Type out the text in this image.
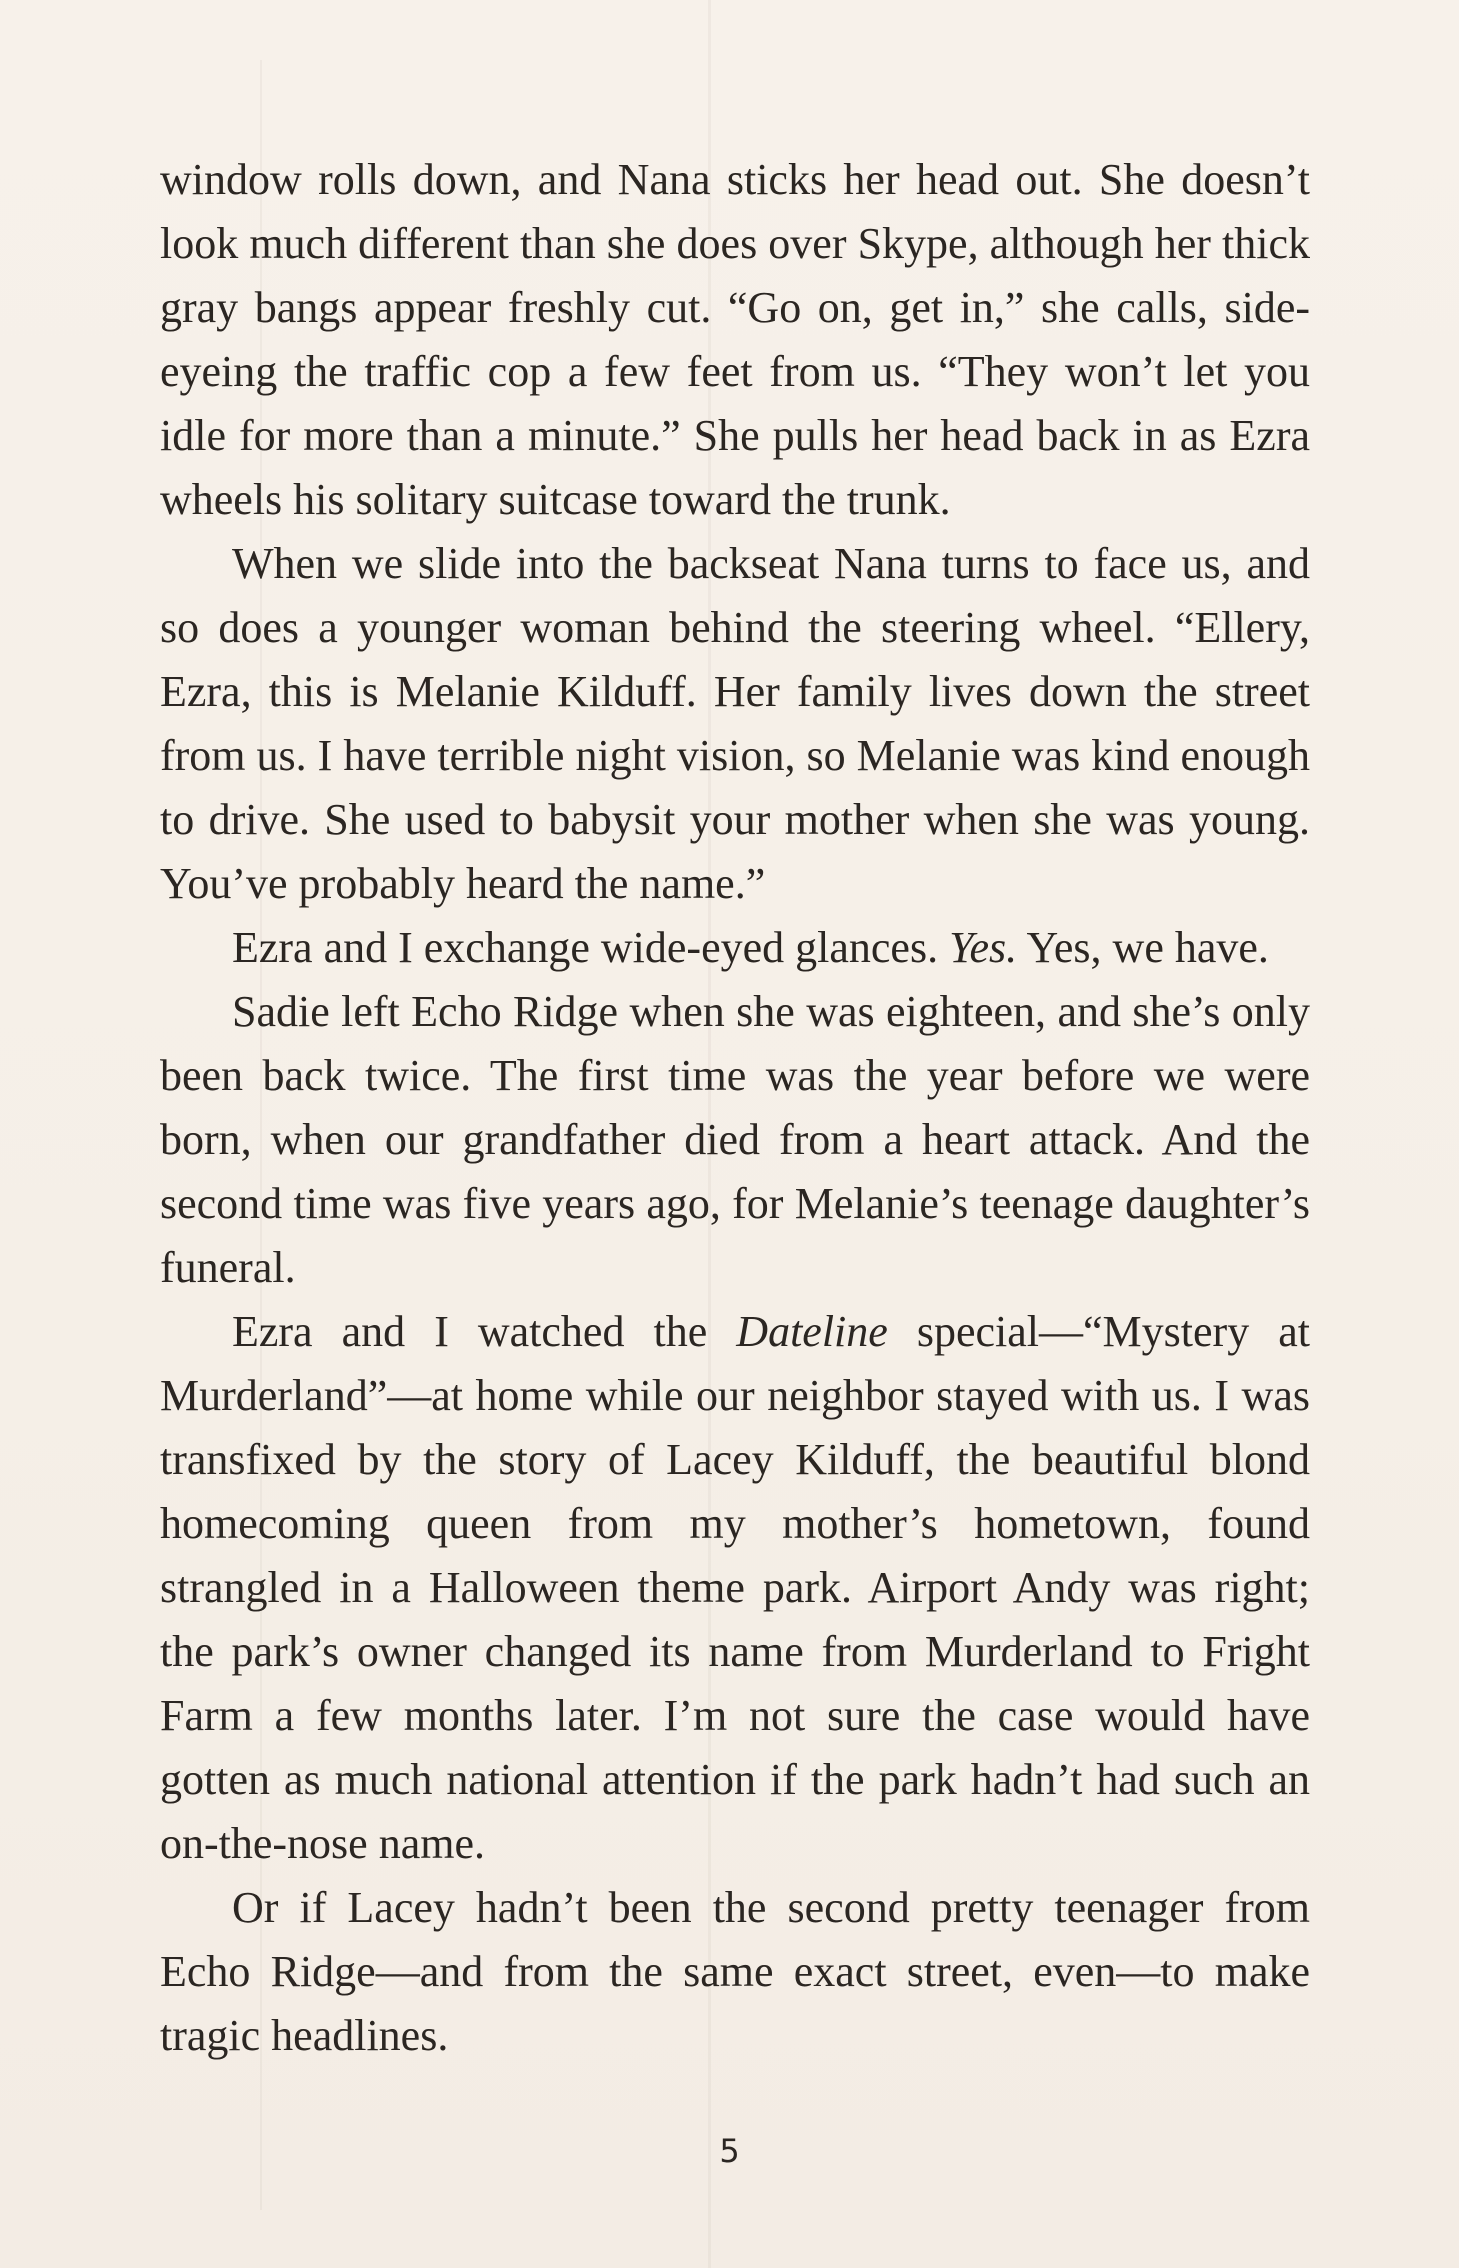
window rolls down, and Nana sticks her head out. She doesn’t look much different than she does over Skype, although her thick gray bangs appear freshly cut. “Go on, get in,” she calls, side-eyeing the traffic cop a few feet from us. “They won’t let you idle for more than a minute.” She pulls her head back in as Ezra wheels his solitary suitcase toward the trunk.

When we slide into the backseat Nana turns to face us, and so does a younger woman behind the steering wheel. “Ellery, Ezra, this is Melanie Kilduff. Her family lives down the street from us. I have terrible night vision, so Melanie was kind enough to drive. She used to babysit your mother when she was young. You’ve probably heard the name.”

Ezra and I exchange wide-eyed glances. Yes. Yes, we have.

Sadie left Echo Ridge when she was eighteen, and she’s only been back twice. The first time was the year before we were born, when our grandfather died from a heart attack. And the second time was five years ago, for Melanie’s teenage daughter’s funeral.

Ezra and I watched the Dateline special—“Mystery at Murderland”—at home while our neighbor stayed with us. I was transfixed by the story of Lacey Kilduff, the beautiful blond homecoming queen from my mother’s hometown, found strangled in a Halloween theme park. Airport Andy was right; the park’s owner changed its name from Murderland to Fright Farm a few months later. I’m not sure the case would have gotten as much national attention if the park hadn’t had such an on-the-nose name.

Or if Lacey hadn’t been the second pretty teenager from Echo Ridge—and from the same exact street, even—to make tragic headlines.

5
